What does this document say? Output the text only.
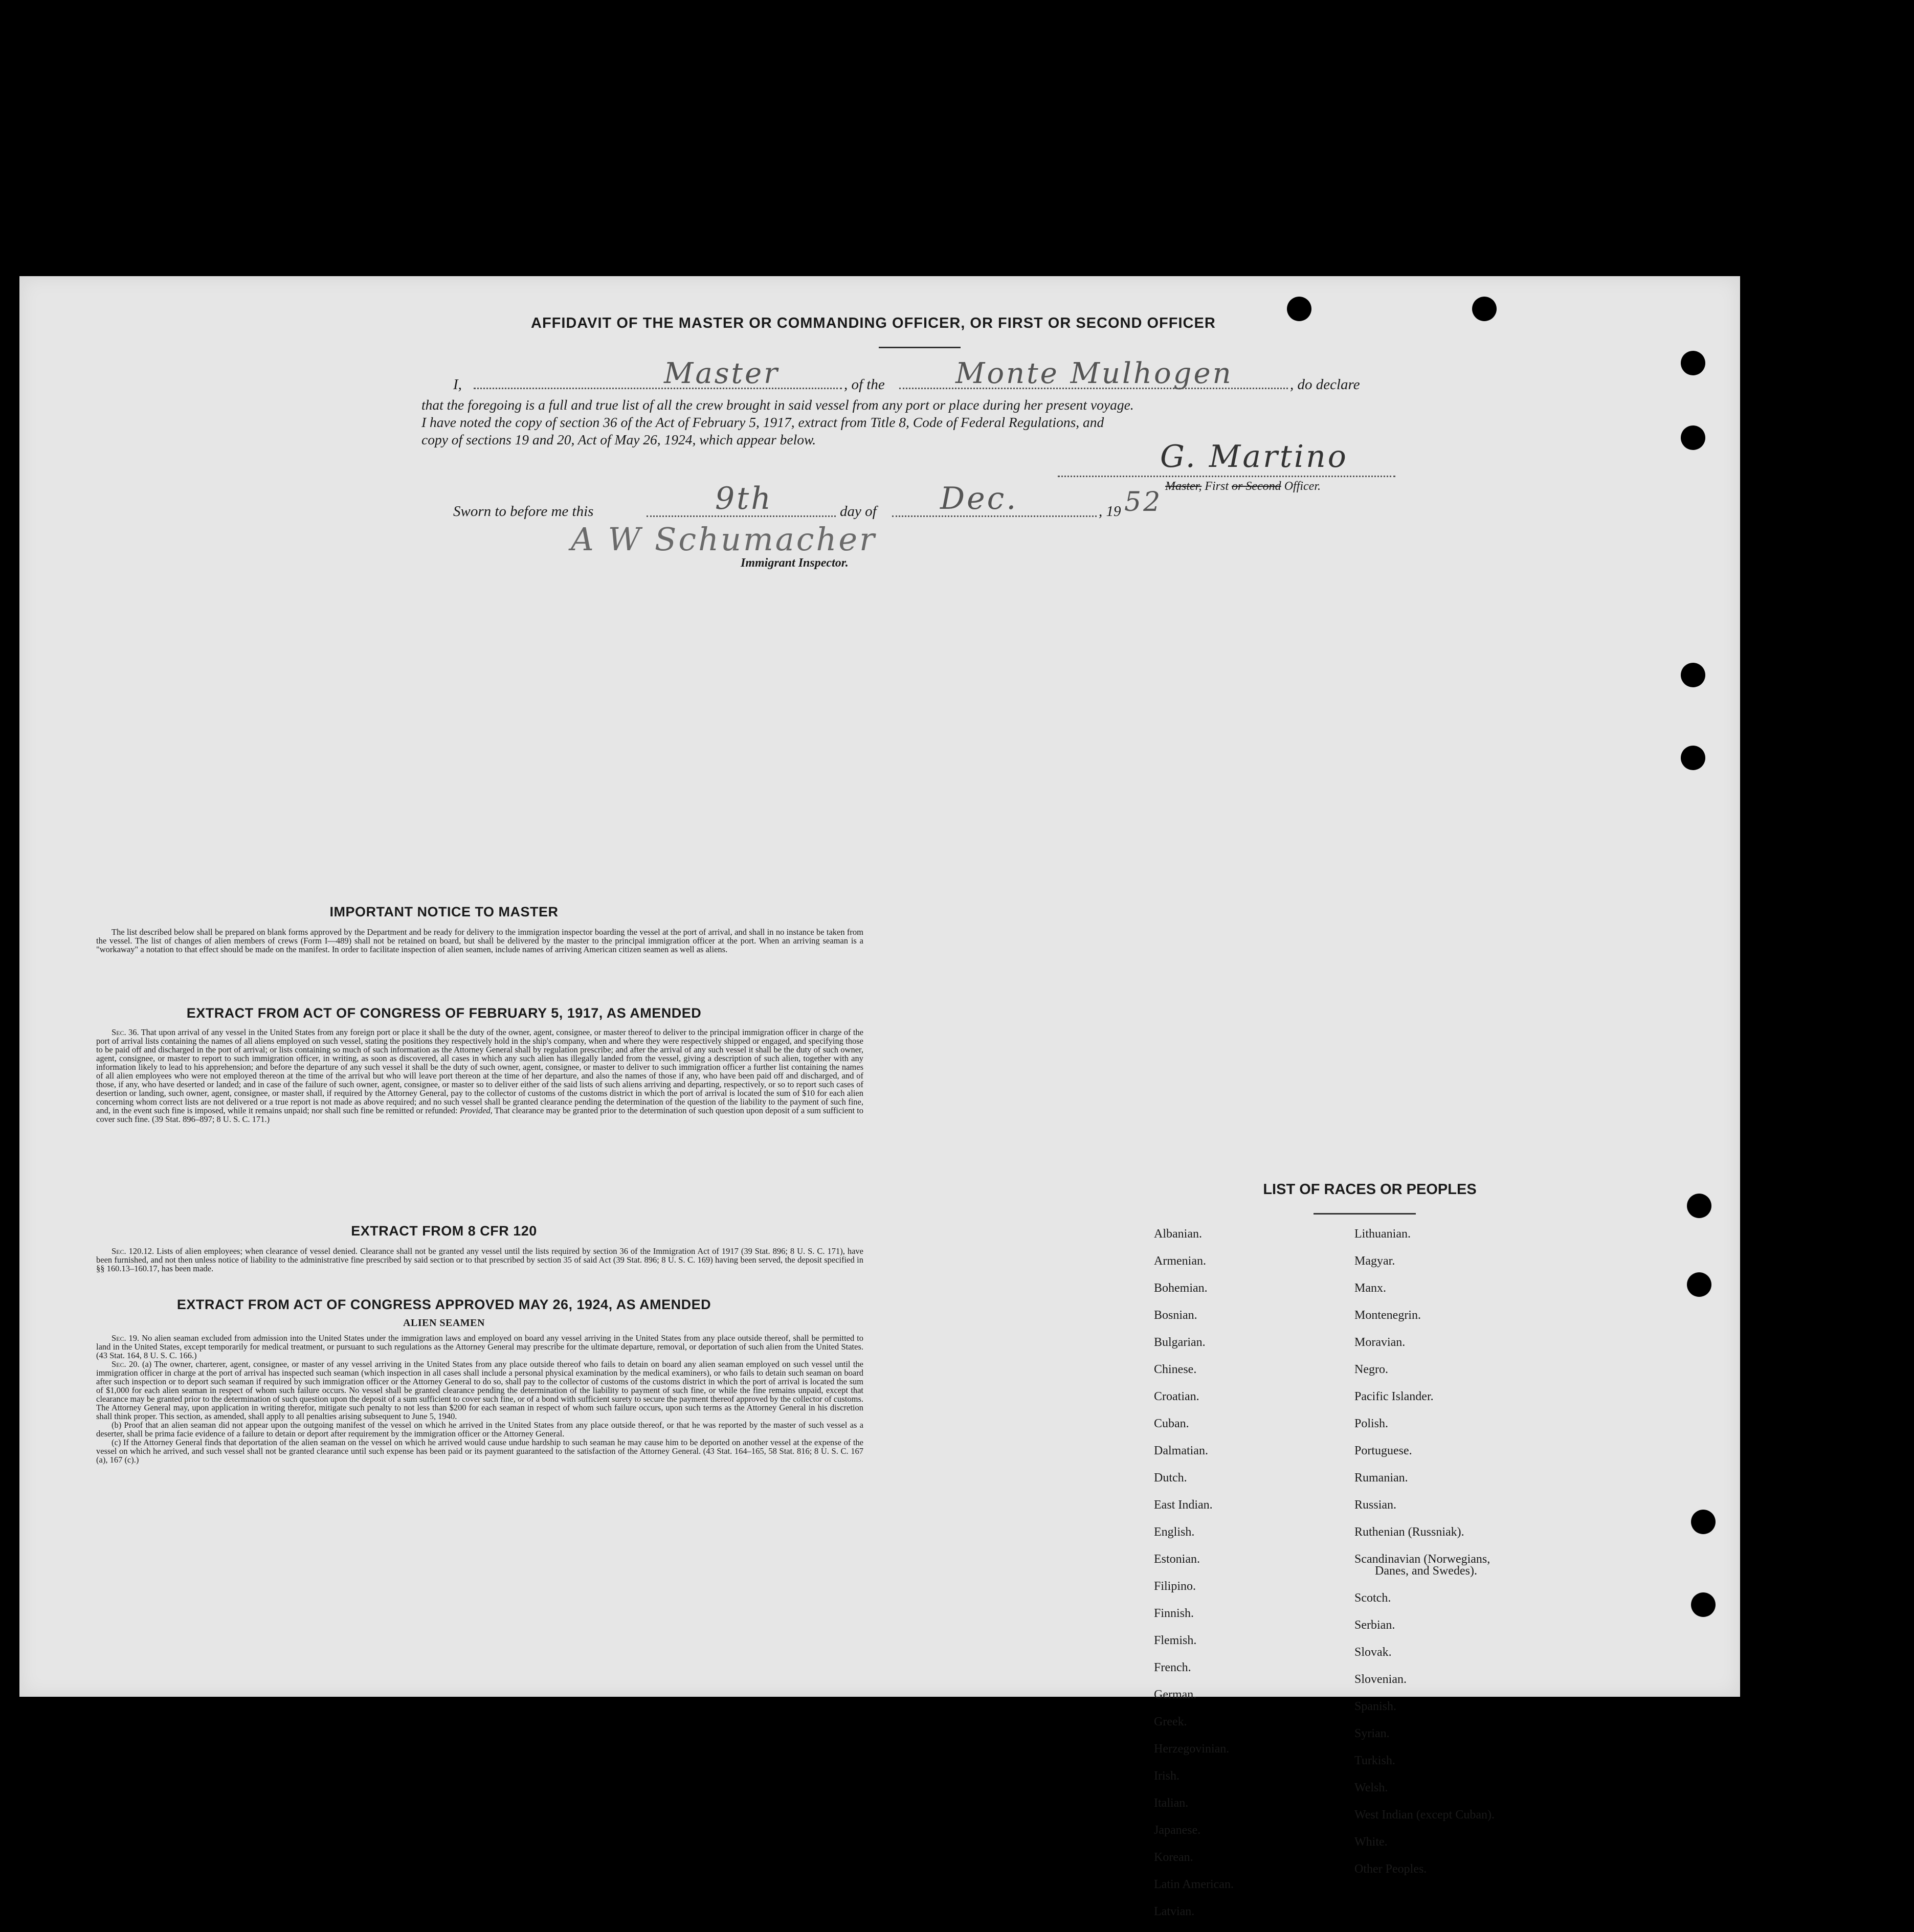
AFFIDAVIT OF THE MASTER OR COMMANDING OFFICER, OR FIRST OR SECOND OFFICER
I,	Master	, of the Monte Mulhogen	, do declare
that the foregoing is a full and true list of all the crew brought in said vessel from any port or place during her present voyage.
I have noted the copy of section 36 of the Act of February 5, 1917, extract from Title 8, Code of Federal Regulations, and
copy of sections 19 and 20, Act of May 26, 1924, which appear below.	G. Martino
Master, First or Second Officer.
Sworn to before me this	9th	day of Dec.	, 19 52
A W Schumacher
Immigrant Inspector.
IMPORTANT NOTICE TO MASTER

The list described below shall be prepared on blank forms approved by the Department and be ready for delivery to the immigration inspector boarding the vessel at the port of arrival, and shall in no instance be taken from the vessel. The list of changes of alien members of crews (Form I—489) shall not be retained on board, but shall be delivered by the master to the principal immigration officer at the port. When an arriving seaman is a "workaway" a notation to that effect should be made on the manifest. In order to facilitate inspection of alien seamen, include names of arriving American citizen seamen as well as aliens.

EXTRACT FROM ACT OF CONGRESS OF FEBRUARY 5, 1917, AS AMENDED

Sec. 36. That upon arrival of any vessel in the United States from any foreign port or place it shall be the duty of the owner, agent, consignee, or master thereof to deliver to the principal immigration officer in charge of the port of arrival lists containing the names of all aliens employed on such vessel, stating the positions they respectively hold in the ship's company, when and where they were respectively shipped or engaged, and specifying those to be paid off and discharged in the port of arrival; or lists containing so much of such information as the Attorney General shall by regulation prescribe; and after the arrival of any such vessel it shall be the duty of such owner, agent, consignee, or master to report to such immigration officer, in writing, as soon as discovered, all cases in which any such alien has illegally landed from the vessel, giving a description of such alien, together with any information likely to lead to his apprehension; and before the departure of any such vessel it shall be the duty of such owner, agent, consignee, or master to deliver to such immigration officer a further list containing the names of all alien employees who were not employed thereon at the time of the arrival but who will leave port thereon at the time of her departure, and also the names of those if any, who have been paid off and discharged, and of those, if any, who have deserted or landed; and in case of the failure of such owner, agent, consignee, or master so to deliver either of the said lists of such aliens arriving and departing, respectively, or so to report such cases of desertion or landing, such owner, agent, consignee, or master shall, if required by the Attorney General, pay to the collector of customs of the customs district in which the port of arrival is located the sum of $10 for each alien concerning whom correct lists are not delivered or a true report is not made as above required; and no such vessel shall be granted clearance pending the determination of the question of the liability to the payment of such fine, and, in the event such fine is imposed, while it remains unpaid; nor shall such fine be remitted or refunded: Provided, That clearance may be granted prior to the determination of such question upon deposit of a sum sufficient to cover such fine. (39 Stat. 896–897; 8 U. S. C. 171.)

EXTRACT FROM 8 CFR 120

Sec. 120.12. Lists of alien employees; when clearance of vessel denied. Clearance shall not be granted any vessel until the lists required by section 36 of the Immigration Act of 1917 (39 Stat. 896; 8 U. S. C. 171), have been furnished, and not then unless notice of liability to the administrative fine prescribed by said section or to that prescribed by section 35 of said Act (39 Stat. 896; 8 U. S. C. 169) having been served, the deposit specified in §§ 160.13–160.17, has been made.

EXTRACT FROM ACT OF CONGRESS APPROVED MAY 26, 1924, AS AMENDED
ALIEN SEAMEN

Sec. 19. No alien seaman excluded from admission into the United States under the immigration laws and employed on board any vessel arriving in the United States from any place outside thereof, shall be permitted to land in the United States, except temporarily for medical treatment, or pursuant to such regulations as the Attorney General may prescribe for the ultimate departure, removal, or deportation of such alien from the United States. (43 Stat. 164, 8 U. S. C. 166.)

Sec. 20. (a) The owner, charterer, agent, consignee, or master of any vessel arriving in the United States from any place outside thereof who fails to detain on board any alien seaman employed on such vessel until the immigration officer in charge at the port of arrival has inspected such seaman (which inspection in all cases shall include a personal physical examination by the medical examiners), or who fails to detain such seaman on board after such inspection or to deport such seaman if required by such immigration officer or the Attorney General to do so, shall pay to the collector of customs of the customs district in which the port of arrival is located the sum of $1,000 for each alien seaman in respect of whom such failure occurs. No vessel shall be granted clearance pending the determination of the liability to payment of such fine, or while the fine remains unpaid, except that clearance may be granted prior to the determination of such question upon the deposit of a sum sufficient to cover such fine, or of a bond with sufficient surety to secure the payment thereof approved by the collector of customs. The Attorney General may, upon application in writing therefor, mitigate such penalty to not less than $200 for each seaman in respect of whom such failure occurs, upon such terms as the Attorney General in his discretion shall think proper. This section, as amended, shall apply to all penalties arising subsequent to June 5, 1940.

(b) Proof that an alien seaman did not appear upon the outgoing manifest of the vessel on which he arrived in the United States from any place outside thereof, or that he was reported by the master of such vessel as a deserter, shall be prima facie evidence of a failure to detain or deport after requirement by the immigration officer or the Attorney General.

(c) If the Attorney General finds that deportation of the alien seaman on the vessel on which he arrived would cause undue hardship to such seaman he may cause him to be deported on another vessel at the expense of the vessel on which he arrived, and such vessel shall not be granted clearance until such expense has been paid or its payment guaranteed to the satisfaction of the Attorney General. (43 Stat. 164–165, 58 Stat. 816; 8 U. S. C. 167 (a), 167 (c).)

LIST OF RACES OR PEOPLES
Albanian.
Armenian.
Bohemian.
Bosnian.
Bulgarian.
Chinese.
Croatian.
Cuban.
Dalmatian.
Dutch.
East Indian.
English.
Estonian.
Filipino.
Finnish.
Flemish.
French.
German.
Greek.
Herzegovinian.
Irish.
Italian.
Japanese.
Korean.
Latin American.
Latvian.
Lithuanian.
Magyar.
Manx.
Montenegrin.
Moravian.
Negro.
Pacific Islander.
Polish.
Portuguese.
Rumanian.
Russian.
Ruthenian (Russniak).
Scandinavian (Norwegians,
Danes, and Swedes).
Scotch.
Serbian.
Slovak.
Slovenian.
Spanish.
Syrian.
Turkish.
Welsh.
West Indian (except Cuban).
White.
Other Peoples.
